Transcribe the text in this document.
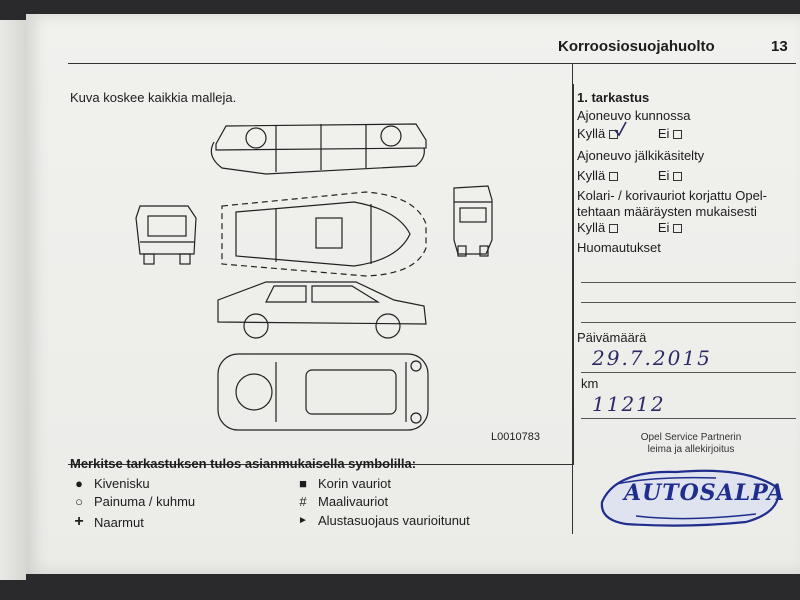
Korroosiosuojahuolto	13
Kuva koskee kaikkia malleja.
L0010783
Merkitse tarkastuksen tulos asianmukaisella symbolilla:
● Kivenisku
○ Painuma / kuhmu
+ Naarmut
■ Korin vauriot
# Maalivauriot
► Alustasuojaus vaurioitunut
1. tarkastus
Ajoneuvo kunnossa
Kyllä	Ei
Ajoneuvo jälkikäsitelty
Kyllä	Ei
Kolari- / korivauriot korjattu Opel-
tehtaan määräysten mukaisesti
Kyllä	Ei
Huomautukset
Päivämäärä
29.7.2015
km
11212
Opel Service Partnerin
leima ja allekirjoitus
AUTOSALPA
